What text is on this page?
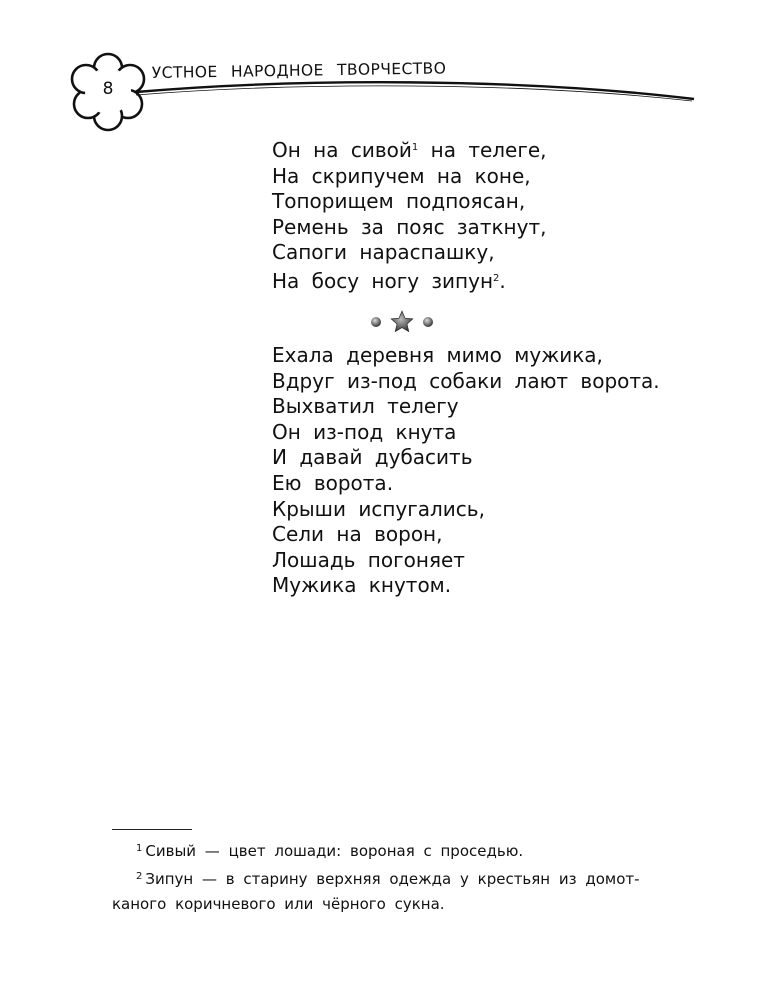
8
УСТНОЕ НАРОДНОЕ ТВОРЧЕСТВО
Он на сивой$^1$ на телеге,
На скрипучем на коне,
Топорищем подпоясан,
Ремень за пояс заткнут,
Сапоги нараспашку,
На босу ногу зипун$^2$.
Ехала деревня мимо мужика,
Вдруг из-под собаки лают ворота.
Выхватил телегу
Он из-под кнута
И давай дубасить
Ею ворота.
Крыши испугались,
Сели на ворон,
Лошадь погоняет
Мужика кнутом.

$^1$ Сивый — цвет лошади: вороная с проседью.

$^2$ Зипун — в старину верхняя одежда у крестьян из домот-

каного коричневого или чёрного сукна.
